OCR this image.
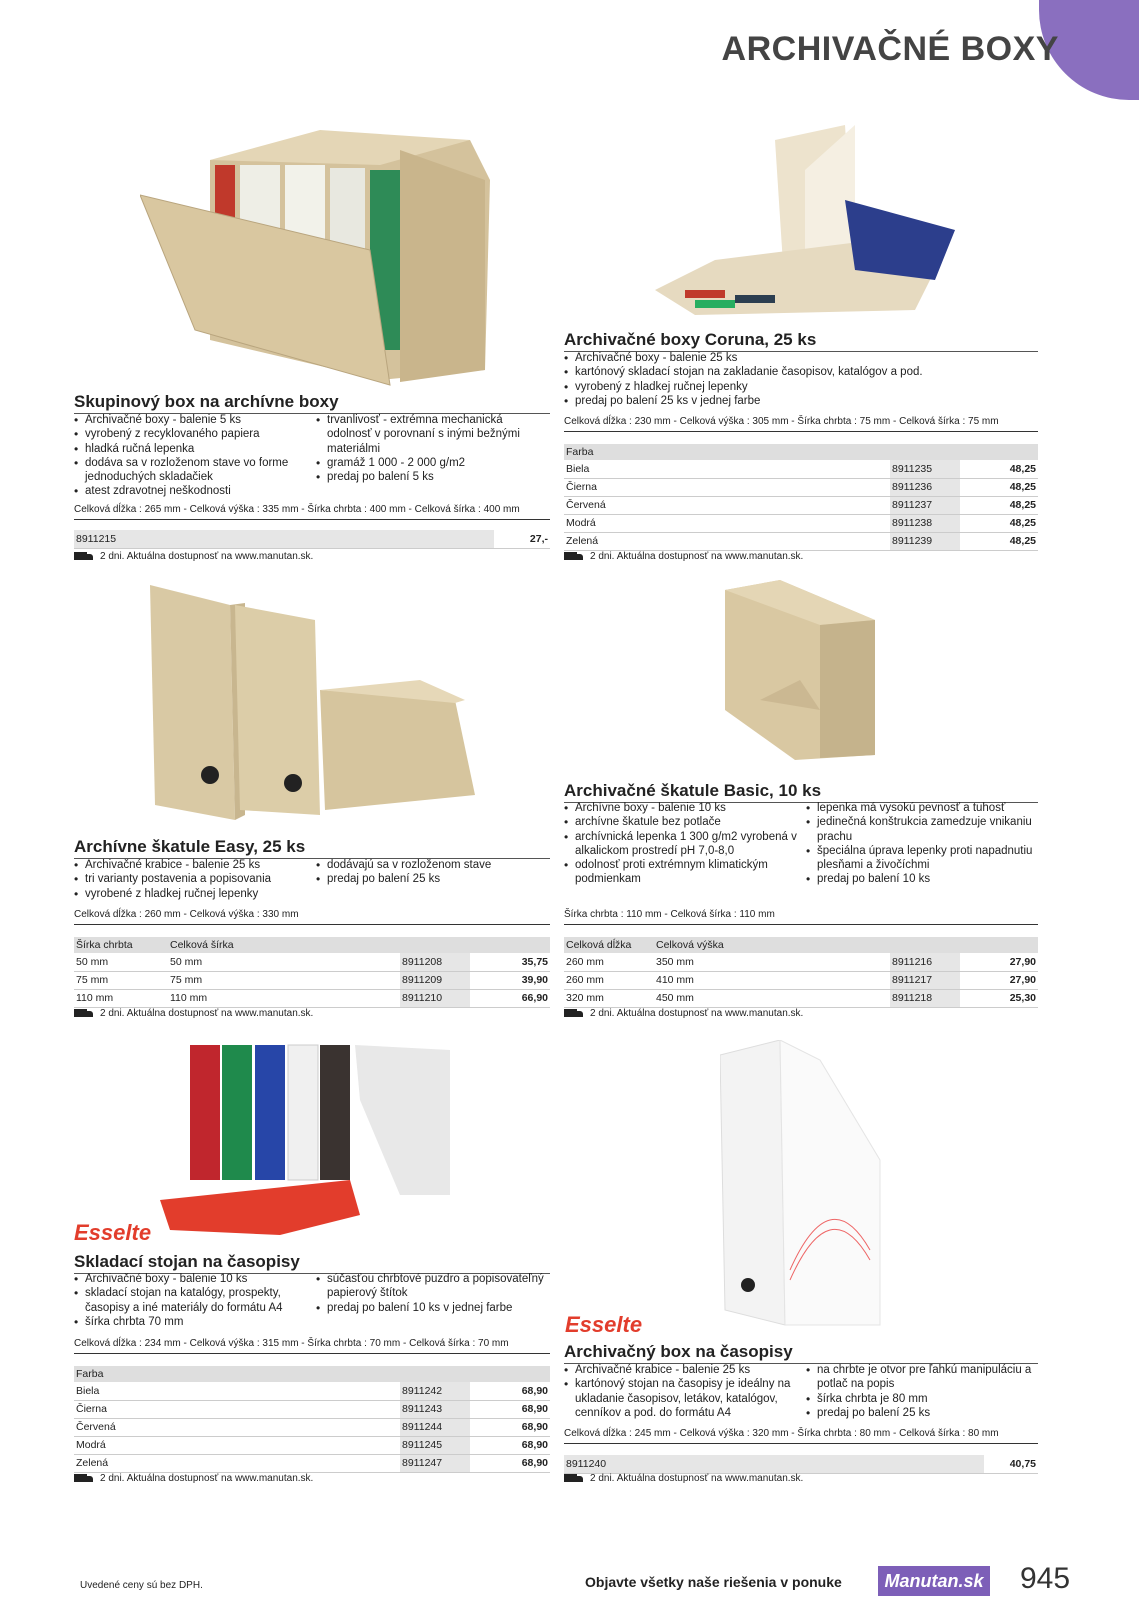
ARCHIVAČNÉ BOXY
Esselte
Esselte
Skupinový box na archívne boxy
• Archivačné boxy - balenie 5 ks
• vyrobený z recyklovaného papiera
• hladká ručná lepenka
• dodáva sa v rozloženom stave vo forme jednoduchých skladačiek
• atest zdravotnej neškodnosti
• trvanlivosť - extrémna mechanická odolnosť v porovnaní s inými bežnými materiálmi
• gramáž 1 000 - 2 000 g/m2
• predaj po balení 5 ks
Celková dĺžka : 265 mm - Celková výška : 335 mm - Šírka chrbta : 400 mm - Celková šírka : 400 mm
8911215	27,-
2 dni. Aktuálna dostupnosť na www.manutan.sk.
Archivačné boxy Coruna, 25 ks
• Archivačné boxy - balenie 25 ks
• kartónový skladací stojan na zakladanie časopisov, katalógov a pod.
• vyrobený z hladkej ručnej lepenky
• predaj po balení 25 ks v jednej farbe
Celková dĺžka : 230 mm - Celková výška : 305 mm - Šírka chrbta : 75 mm - Celková šírka : 75 mm
Farba		
Biela	8911235	48,25
Čierna	8911236	48,25
Červená	8911237	48,25
Modrá	8911238	48,25
Zelená	8911239	48,25
2 dni. Aktuálna dostupnosť na www.manutan.sk.
Archívne škatule Easy, 25 ks
• Archivačné krabice - balenie 25 ks
• tri varianty postavenia a popisovania
• vyrobené z hladkej ručnej lepenky
• dodávajú sa v rozloženom stave
• predaj po balení 25 ks
Celková dĺžka : 260 mm - Celková výška : 330 mm
Šírka chrbta	Celková šírka		
50 mm	50 mm	8911208	35,75
75 mm	75 mm	8911209	39,90
110 mm	110 mm	8911210	66,90
2 dni. Aktuálna dostupnosť na www.manutan.sk.
Archivačné škatule Basic, 10 ks
• Archívne boxy - balenie 10 ks
• archívne škatule bez potlače
• archívnická lepenka 1 300 g/m2 vyrobená v alkalickom prostredí pH 7,0-8,0
• odolnosť proti extrémnym klimatickým podmienkam
• lepenka má vysokú pevnosť a tuhosť
• jedinečná konštrukcia zamedzuje vnikaniu prachu
• špeciálna úprava lepenky proti napadnutiu plesňami a živočíchmi
• predaj po balení 10 ks
Šírka chrbta : 110 mm - Celková šírka : 110 mm
Celková dĺžka	Celková výška		
260 mm	350 mm	8911216	27,90
260 mm	410 mm	8911217	27,90
320 mm	450 mm	8911218	25,30
2 dni. Aktuálna dostupnosť na www.manutan.sk.
Skladací stojan na časopisy
• Archivačné boxy - balenie 10 ks
• skladací stojan na katalógy, prospekty, časopisy a iné materiály do formátu A4
• šírka chrbta 70 mm
• súčasťou chrbtové puzdro a popisovateľný papierový štítok
• predaj po balení 10 ks v jednej farbe
Celková dĺžka : 234 mm - Celková výška : 315 mm - Šírka chrbta : 70 mm - Celková šírka : 70 mm
Farba		
Biela	8911242	68,90
Čierna	8911243	68,90
Červená	8911244	68,90
Modrá	8911245	68,90
Zelená	8911247	68,90
2 dni. Aktuálna dostupnosť na www.manutan.sk.
Archivačný box na časopisy
• Archivačné krabice - balenie 25 ks
• kartónový stojan na časopisy je ideálny na ukladanie časopisov, letákov, katalógov, cenníkov a pod. do formátu A4
• na chrbte je otvor pre ľahkú manipuláciu a potlač na popis
• šírka chrbta je 80 mm
• predaj po balení 25 ks
Celková dĺžka : 245 mm - Celková výška : 320 mm - Šírka chrbta : 80 mm - Celková šírka : 80 mm
8911240	40,75
2 dni. Aktuálna dostupnosť na www.manutan.sk.
Uvedené ceny sú bez DPH.	Objavte všetky naše riešenia v ponuke	Manutan.sk 945
